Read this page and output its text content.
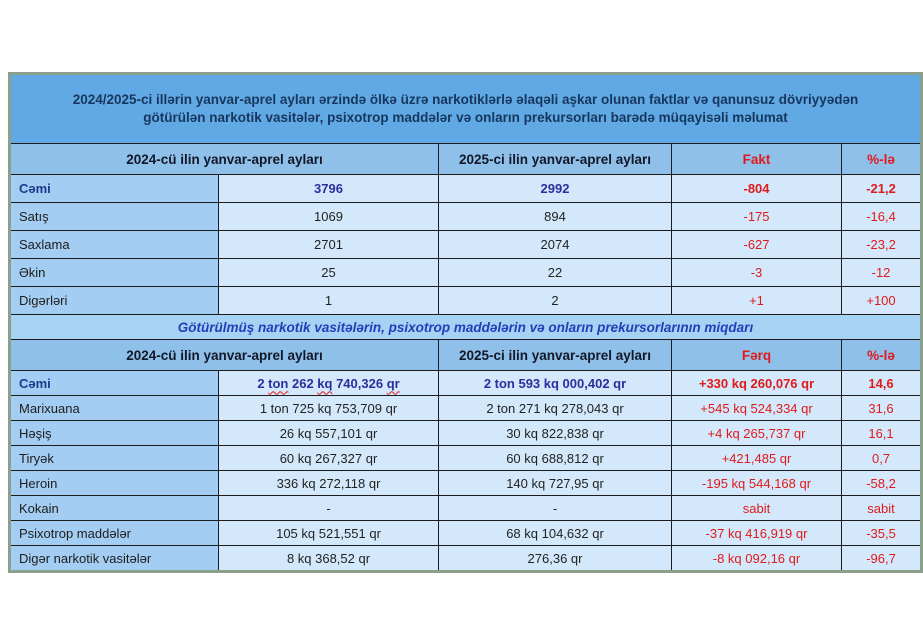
2024/2025-ci illərin yanvar-aprel ayları ərzində ölkə üzrə narkotiklərlə əlaqəli aşkar olunan faktlar və qanunsuz dövriyyədən götürülən narkotik vasitələr, psixotrop maddələr və onların prekursorları barədə müqayisəli məlumat				
2024-cü ilin yanvar-aprel ayları		2025-ci ilin yanvar-aprel ayları	Fakt	%-lə
Cəmi	3796	2992	-804	-21,2
Satış	1069	894	-175	-16,4
Saxlama	2701	2074	-627	-23,2
Əkin	25	22	-3	-12
Digərləri	1	2	+1	+100
Götürülmüş narkotik vasitələrin, psixotrop maddələrin və onların prekursorlarının miqdarı				
2024-cü ilin yanvar-aprel ayları		2025-ci ilin yanvar-aprel ayları	Fərq	%-lə
Cəmi	2 ton 262 kq 740,326 qr	2 ton 593 kq 000,402 qr	+330 kq 260,076 qr	14,6
Marixuana	1 ton 725 kq 753,709 qr	2 ton 271 kq 278,043 qr	+545 kq 524,334 qr	31,6
Həşiş	26 kq 557,101 qr	30 kq 822,838 qr	+4 kq 265,737 qr	16,1
Tiryək	60 kq 267,327 qr	60 kq 688,812 qr	+421,485 qr	0,7
Heroin	336 kq 272,118 qr	140 kq 727,95 qr	-195 kq 544,168 qr	-58,2
Kokain	-	-	sabit	sabit
Psixotrop maddələr	105 kq 521,551 qr	68 kq 104,632 qr	-37 kq 416,919 qr	-35,5
Digər narkotik vasitələr	8 kq 368,52 qr	276,36 qr	-8 kq 092,16 qr	-96,7
